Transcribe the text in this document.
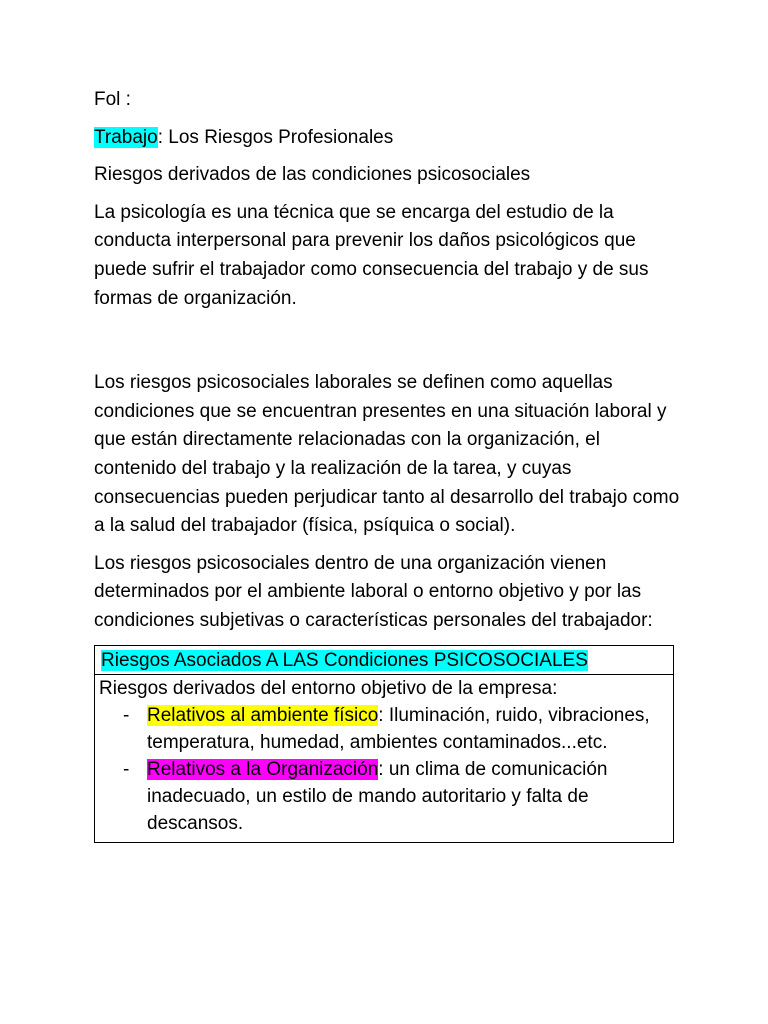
Fol :

Trabajo: Los Riesgos Profesionales

Riesgos derivados de las condiciones psicosociales

La psicología es una técnica que se encarga del estudio de la conducta interpersonal para prevenir los daños psicológicos que puede sufrir el trabajador como consecuencia del trabajo y de sus formas de organización.

Los riesgos psicosociales laborales se definen como aquellas condiciones que se encuentran presentes en una situación laboral y que están directamente relacionadas con la organización, el contenido del trabajo y la realización de la tarea, y cuyas consecuencias pueden perjudicar tanto al desarrollo del trabajo como a la salud del trabajador (física, psíquica o social).

Los riesgos psicosociales dentro de una organización vienen determinados por el ambiente laboral o entorno objetivo y por las condiciones subjetivas o características personales del trabajador:

Riesgos Asociados A LAS Condiciones PSICOSOCIALES
Riesgos derivados del entorno objetivo de la empresa:
- Relativos al ambiente físico: Iluminación, ruido, vibraciones, temperatura, humedad, ambientes contaminados...etc.
- Relativos a la Organización: un clima de comunicación inadecuado, un estilo de mando autoritario y falta de descansos.
